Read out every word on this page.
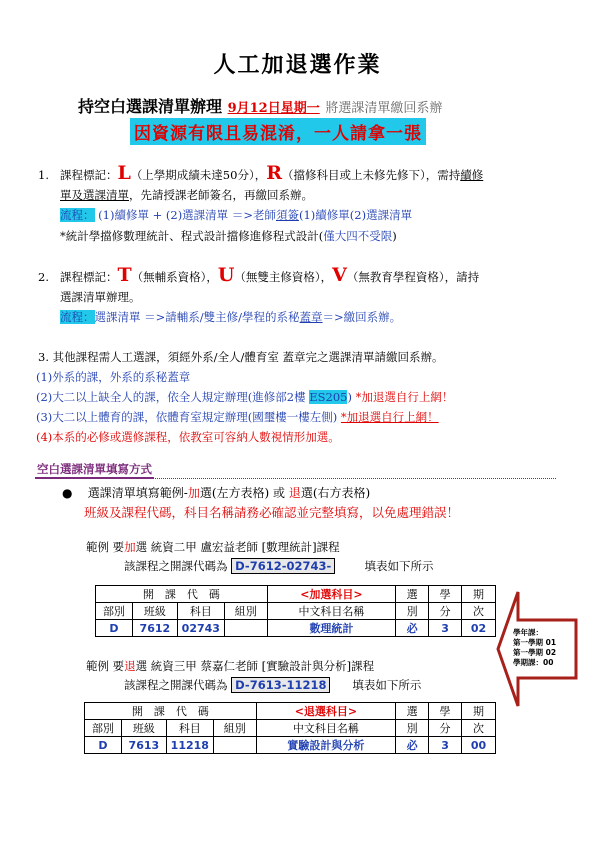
人工加退選作業
持空白選課清單辦理 9月12日星期一 將選課清單繳回系辦
因資源有限且易混淆，一人請拿一張
1. 課程標記：L（上學期成績未達50分），R（擋修科目或上未修先修下），需持續修
單及選課清單，先請授課老師簽名，再繳回系辦。
流程： (1)續修單 + (2)選課清單 ＝>老師須簽(1)續修單(2)選課清單
*統計學擋修數理統計、程式設計擋修進修程式設計(僅大四不受限)
2. 課程標記：T（無輔系資格），U（無雙主修資格），V（無教育學程資格），請持
選課清單辦理。
流程：選課清單 ＝>請輔系/雙主修/學程的系秘蓋章＝>繳回系辦。
3. 其他課程需人工選課，須經外系/全人/體育室 蓋章完之選課清單請繳回系辦。
(1)外系的課，外系的系秘蓋章
(2)大二以上缺全人的課，依全人規定辦理(進修部2樓 ES205) *加退選自行上網！
(3)大二以上體育的課，依體育室規定辦理(國璽樓一樓左側) *加退選自行上網！
(4)本系的必修或選修課程，依教室可容納人數視情形加選。
空白選課清單填寫方式
● 選課清單填寫範例-加選(左方表格) 或 退選(右方表格)
班級及課程代碼，科目名稱請務必確認並完整填寫，以免處理錯誤！
範例 要加選 統資二甲 盧宏益老師 [數理統計]課程
該課程之開課代碼為 D-7612-02743-	填表如下所示
開　課　代　碼				<加選科目>	選	學	期
部別	班級	科目	組別	中文科目名稱	別	分	次
D	7612	02743		數理統計	必	3	02	學年課：
第一學期 01
第一學期 02
學期課：00
範例 要退選 統資三甲 蔡嘉仁老師 [實驗設計與分析]課程
該課程之開課代碼為 D-7613-11218 填表如下所示
開　課　代　碼				<退選科目>	選	學	期
部別	班級	科目	組別	中文科目名稱	別	分	次
D	7613	11218		實驗設計與分析	必	3	00
